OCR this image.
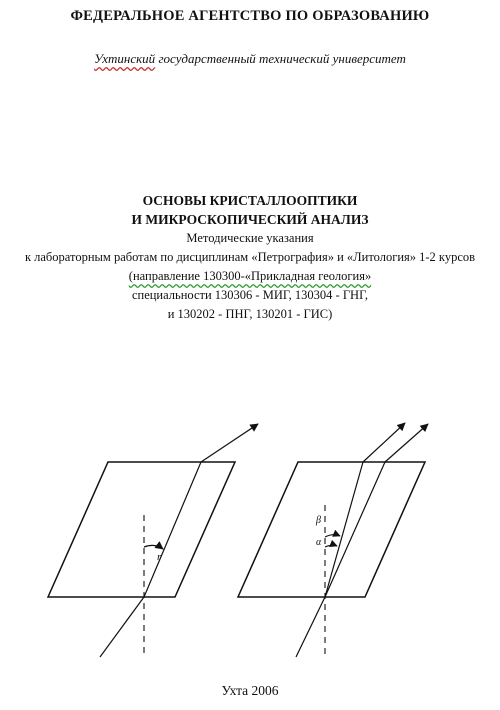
ФЕДЕРАЛЬНОЕ АГЕНТСТВО ПО ОБРАЗОВАНИЮ
Ухтинский государственный технический университет
ОСНОВЫ КРИСТАЛЛООПТИКИ
И МИКРОСКОПИЧЕСКИЙ АНАЛИЗ
Методические указания
к лабораторным работам по дисциплинам «Петрография» и «Литология» 1-2 курсов
(направление 130300-«Прикладная геология»
специальности 130306 - МИГ, 130304 - ГНГ,
и 130202 - ПНГ, 130201 - ГИС)
r
β
α
Ухта 2006
